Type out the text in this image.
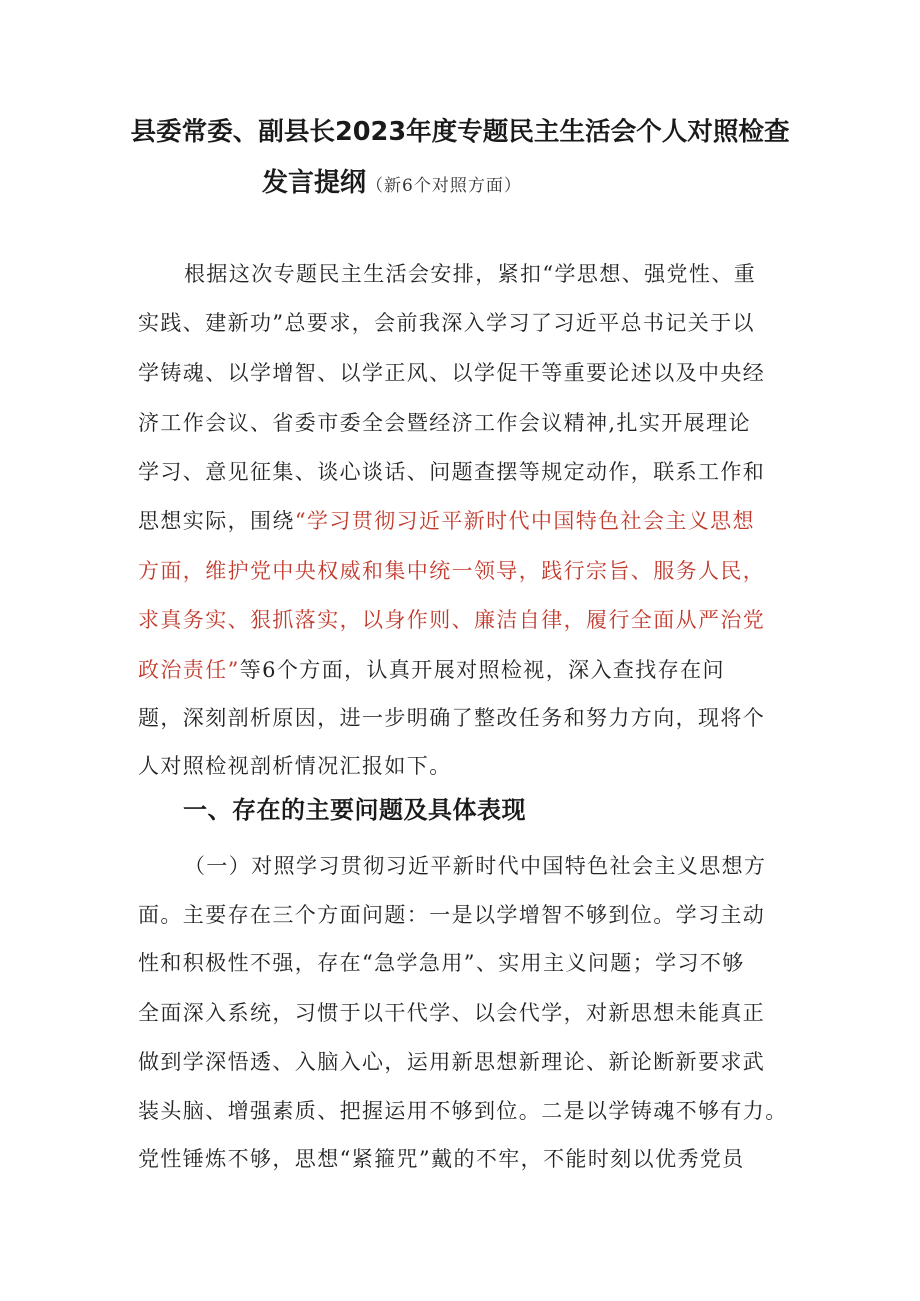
县委常委、副县长2023年度专题民主生活会个人对照检查
发言提纲（新6个对照方面）
根据这次专题民主生活会安排，紧扣“学思想、强党性、重
实践、建新功”总要求，会前我深入学习了习近平总书记关于以
学铸魂、以学增智、以学正风、以学促干等重要论述以及中央经
济工作会议、省委市委全会暨经济工作会议精神,扎实开展理论
学习、意见征集、谈心谈话、问题查摆等规定动作，联系工作和
思想实际，围绕“学习贯彻习近平新时代中国特色社会主义思想
方面，维护党中央权威和集中统一领导，践行宗旨、服务人民，
求真务实、狠抓落实，以身作则、廉洁自律，履行全面从严治党
政治责任”等6个方面，认真开展对照检视，深入查找存在问
题，深刻剖析原因，进一步明确了整改任务和努力方向，现将个
人对照检视剖析情况汇报如下。
一、存在的主要问题及具体表现
（一）对照学习贯彻习近平新时代中国特色社会主义思想方
面。主要存在三个方面问题：一是以学增智不够到位。学习主动
性和积极性不强，存在“急学急用”、实用主义问题；学习不够
全面深入系统，习惯于以干代学、以会代学，对新思想未能真正
做到学深悟透、入脑入心，运用新思想新理论、新论断新要求武
装头脑、增强素质、把握运用不够到位。二是以学铸魂不够有力。
党性锤炼不够，思想“紧箍咒”戴的不牢，不能时刻以优秀党员
